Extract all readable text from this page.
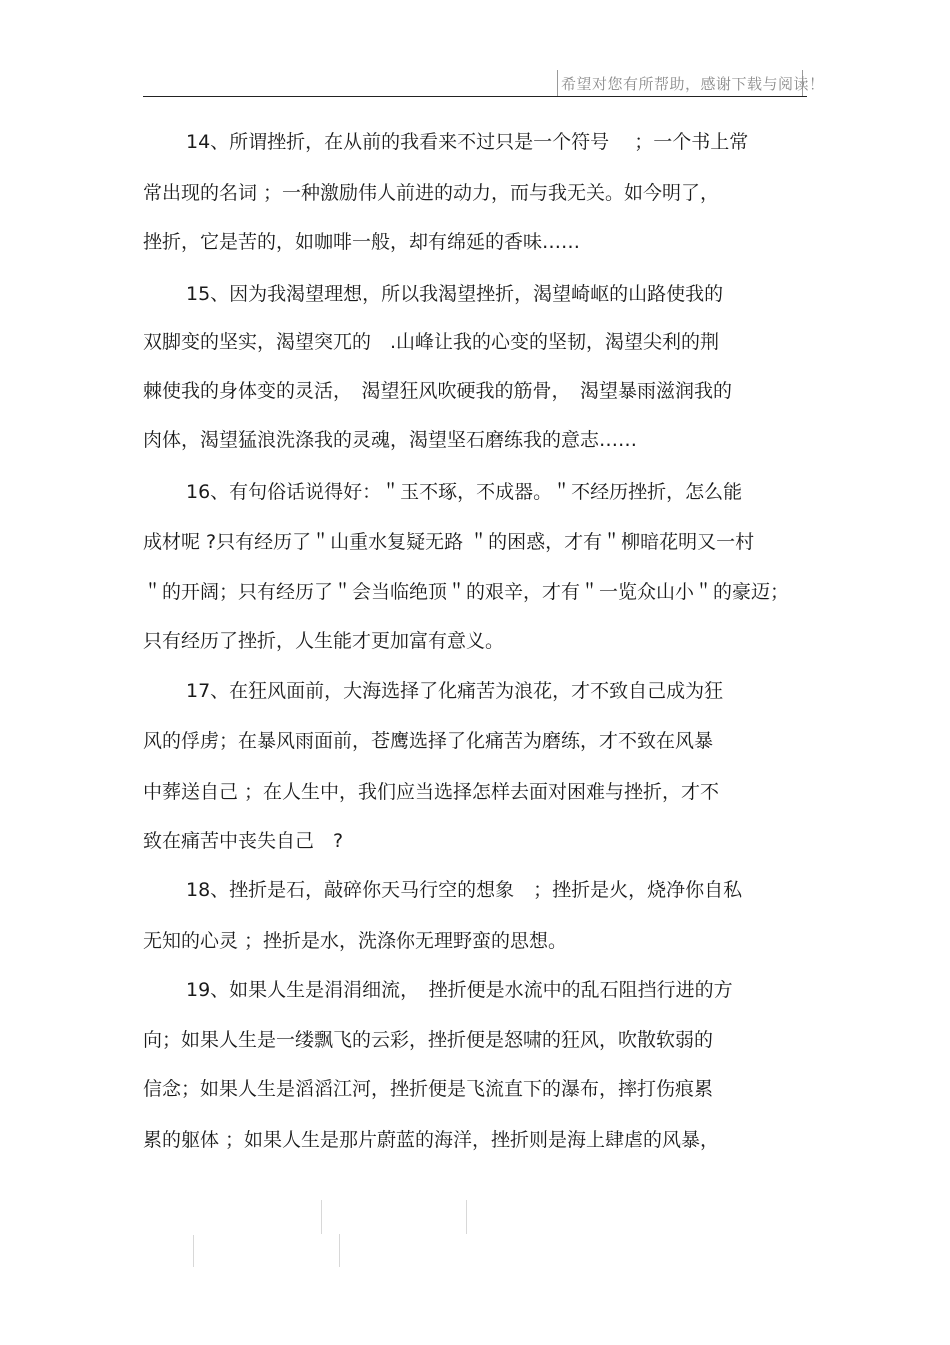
希望对您有所帮助，感谢下载与阅读！
14、所谓挫折，在从前的我看来不过只是一个符号　 ；一个书上常
常出现的名词 ；一种激励伟人前进的动力，而与我无关。如今明了，
挫折，它是苦的，如咖啡一般，却有绵延的香味……
15、因为我渴望理想，所以我渴望挫折，渴望崎岖的山路使我的
双脚变的坚实，渴望突兀的　.山峰让我的心变的坚韧，渴望尖利的荆
棘使我的身体变的灵活，　渴望狂风吹硬我的筋骨，　渴望暴雨滋润我的
肉体，渴望猛浪洗涤我的灵魂，渴望坚石磨练我的意志……
16、有句俗话说得好：＂玉不琢，不成器。＂不经历挫折，怎么能
成材呢 ?只有经历了＂山重水复疑无路 ＂的困惑，才有＂柳暗花明又一村
＂的开阔；只有经历了＂会当临绝顶＂的艰辛，才有＂一览众山小＂的豪迈；
只有经历了挫折，人生能才更加富有意义。
17、在狂风面前，大海选择了化痛苦为浪花，才不致自己成为狂
风的俘虏；在暴风雨面前，苍鹰选择了化痛苦为磨练，才不致在风暴
中葬送自己 ；在人生中，我们应当选择怎样去面对困难与挫折，才不
致在痛苦中丧失自己　?
18、挫折是石，敲碎你天马行空的想象　；挫折是火，烧净你自私
无知的心灵 ；挫折是水，洗涤你无理野蛮的思想。
19、如果人生是涓涓细流，　挫折便是水流中的乱石阻挡行进的方
向；如果人生是一缕飘飞的云彩，挫折便是怒啸的狂风，吹散软弱的
信念；如果人生是滔滔江河，挫折便是飞流直下的瀑布，摔打伤痕累
累的躯体 ；如果人生是那片蔚蓝的海洋，挫折则是海上肆虐的风暴，
